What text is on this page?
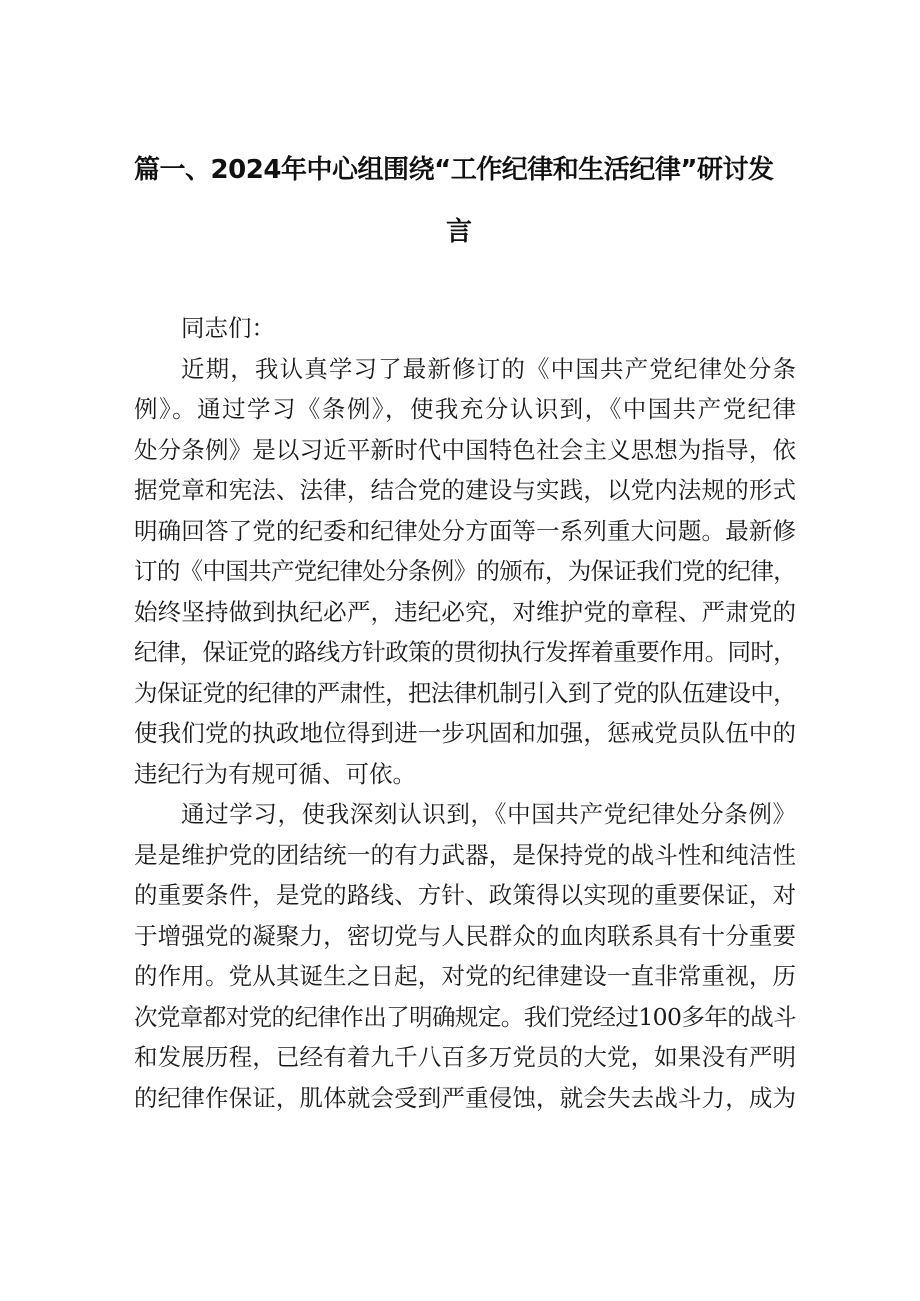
篇一、2024年中心组围绕“工作纪律和生活纪律”研讨发
言
同志们：
近期，我认真学习了最新修订的《中国共产党纪律处分条
例》。通过学习《条例》，使我充分认识到，《中国共产党纪律
处分条例》是以习近平新时代中国特色社会主义思想为指导，依
据党章和宪法、法律，结合党的建设与实践，以党内法规的形式
明确回答了党的纪委和纪律处分方面等一系列重大问题。最新修
订的《中国共产党纪律处分条例》的颁布，为保证我们党的纪律，
始终坚持做到执纪必严，违纪必究，对维护党的章程、严肃党的
纪律，保证党的路线方针政策的贯彻执行发挥着重要作用。同时，
为保证党的纪律的严肃性，把法律机制引入到了党的队伍建设中，
使我们党的执政地位得到进一步巩固和加强，惩戒党员队伍中的
违纪行为有规可循、可依。
通过学习，使我深刻认识到，《中国共产党纪律处分条例》
是是维护党的团结统一的有力武器，是保持党的战斗性和纯洁性
的重要条件，是党的路线、方针、政策得以实现的重要保证，对
于增强党的凝聚力，密切党与人民群众的血肉联系具有十分重要
的作用。党从其诞生之日起，对党的纪律建设一直非常重视，历
次党章都对党的纪律作出了明确规定。我们党经过100多年的战斗
和发展历程，已经有着九千八百多万党员的大党，如果没有严明
的纪律作保证，肌体就会受到严重侵蚀，就会失去战斗力，成为
